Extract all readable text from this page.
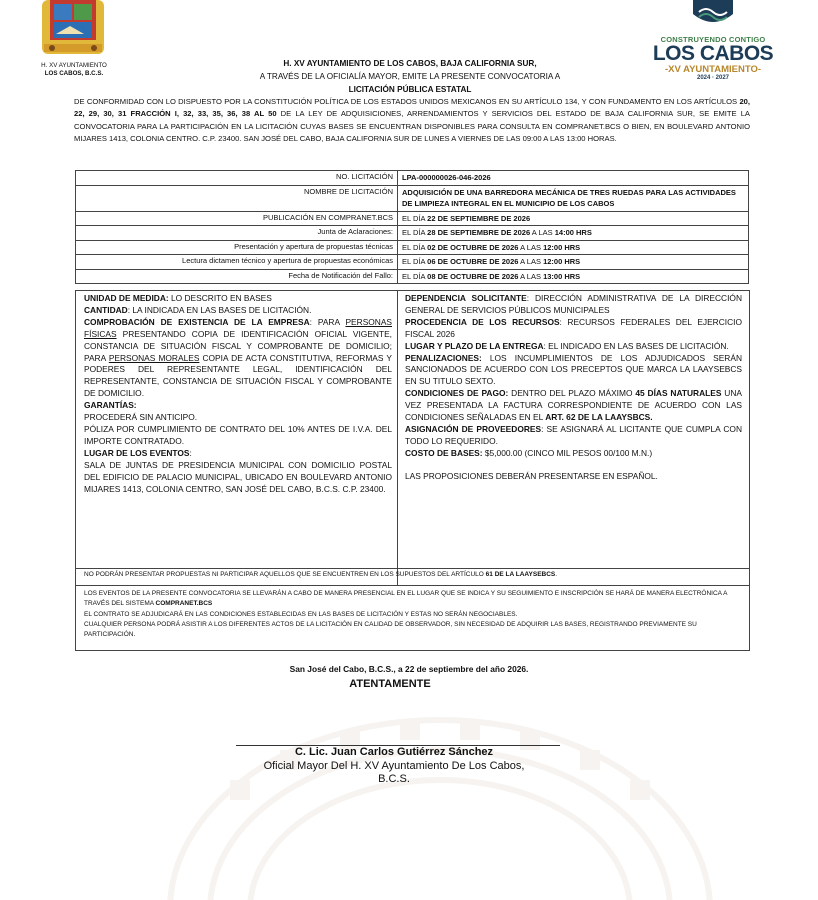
H. XV AYUNTAMIENTO
LOS CABOS, B.C.S.
CONSTRUYENDO CONTIGO
LOS CABOS
-XV AYUNTAMIENTO-
2024 · 2027
H. XV AYUNTAMIENTO DE LOS CABOS, BAJA CALIFORNIA SUR,
A TRAVÉS DE LA OFICIALÍA MAYOR, EMITE LA PRESENTE CONVOCATORIA A
LICITACIÓN PÚBLICA ESTATAL
DE CONFORMIDAD CON LO DISPUESTO POR LA CONSTITUCIÓN POLÍTICA DE LOS ESTADOS UNIDOS MEXICANOS EN SU ARTÍCULO 134, Y CON FUNDAMENTO EN LOS ARTÍCULOS 20, 22, 29, 30, 31 FRACCIÓN I, 32, 33, 35, 36, 38 AL 50 DE LA LEY DE ADQUISICIONES, ARRENDAMIENTOS Y SERVICIOS DEL ESTADO DE BAJA CALIFORNIA SUR, SE EMITE LA CONVOCATORIA PARA LA PARTICIPACIÓN EN LA LICITACIÓN CUYAS BASES SE ENCUENTRAN DISPONIBLES PARA CONSULTA EN COMPRANET.BCS O BIEN, EN BOULEVARD ANTONIO MIJARES 1413, COLONIA CENTRO. C.P. 23400. SAN JOSÉ DEL CABO, BAJA CALIFORNIA SUR DE LUNES A VIERNES DE LAS 09:00 A LAS 13:00 HORAS.
NO. LICITACIÓN	LPA-000000026-046-2026
NOMBRE DE LICITACIÓN	ADQUISICIÓN DE UNA BARREDORA MECÁNICA DE TRES RUEDAS PARA LAS ACTIVIDADES DE LIMPIEZA INTEGRAL EN EL MUNICIPIO DE LOS CABOS
PUBLICACIÓN EN COMPRANET.BCS	EL DÍA 22 DE SEPTIEMBRE DE 2026
Junta de Aclaraciones:	EL DÍA 28 DE SEPTIEMBRE DE 2026 A LAS 14:00 HRS
Presentación y apertura de propuestas técnicas	EL DÍA 02 DE OCTUBRE DE 2026 A LAS 12:00 HRS
Lectura dictamen técnico y apertura de propuestas económicas	EL DÍA 06 DE OCTUBRE DE 2026 A LAS 12:00 HRS
Fecha de Notificación del Fallo:	EL DÍA 08 DE OCTUBRE DE 2026 A LAS 13:00 HRS
UNIDAD DE MEDIDA: LO DESCRITO EN BASES
CANTIDAD: LA INDICADA EN LAS BASES DE LICITACIÓN.
COMPROBACIÓN DE EXISTENCIA DE LA EMPRESA: PARA PERSONAS FÍSICAS PRESENTANDO COPIA DE IDENTIFICACIÓN OFICIAL VIGENTE, CONSTANCIA DE SITUACIÓN FISCAL Y COMPROBANTE DE DOMICILIO; PARA PERSONAS MORALES COPIA DE ACTA CONSTITUTIVA, REFORMAS Y PODERES DEL REPRESENTANTE LEGAL, IDENTIFICACIÓN DEL REPRESENTANTE, CONSTANCIA DE SITUACIÓN FISCAL Y COMPROBANTE DE DOMICILIO.
GARANTÍAS:
PROCEDERÁ SIN ANTICIPO.
PÓLIZA POR CUMPLIMIENTO DE CONTRATO DEL 10% ANTES DE I.V.A. DEL IMPORTE CONTRATADO.
LUGAR DE LOS EVENTOS:
SALA DE JUNTAS DE PRESIDENCIA MUNICIPAL CON DOMICILIO POSTAL DEL EDIFICIO DE PALACIO MUNICIPAL, UBICADO EN BOULEVARD ANTONIO MIJARES 1413, COLONIA CENTRO, SAN JOSÉ DEL CABO, B.C.S. C.P. 23400.
DEPENDENCIA SOLICITANTE: DIRECCIÓN ADMINISTRATIVA DE LA DIRECCIÓN GENERAL DE SERVICIOS PÚBLICOS MUNICIPALES
PROCEDENCIA DE LOS RECURSOS: RECURSOS FEDERALES DEL EJERCICIO FISCAL 2026
LUGAR Y PLAZO DE LA ENTREGA: EL INDICADO EN LAS BASES DE LICITACIÓN.
PENALIZACIONES: LOS INCUMPLIMIENTOS DE LOS ADJUDICADOS SERÁN SANCIONADOS DE ACUERDO CON LOS PRECEPTOS QUE MARCA LA LAAYSEBCS EN SU TITULO SEXTO.
CONDICIONES DE PAGO: DENTRO DEL PLAZO MÁXIMO 45 DÍAS NATURALES UNA VEZ PRESENTADA LA FACTURA CORRESPONDIENTE DE ACUERDO CON LAS CONDICIONES SEÑALADAS EN EL ART. 62 DE LA LAAYSBCS.
ASIGNACIÓN DE PROVEEDORES: SE ASIGNARÁ AL LICITANTE QUE CUMPLA CON TODO LO REQUERIDO.
COSTO DE BASES: $5,000.00 (CINCO MIL PESOS 00/100 M.N.)
LAS PROPOSICIONES DEBERÁN PRESENTARSE EN ESPAÑOL.
NO PODRÁN PRESENTAR PROPUESTAS NI PARTICIPAR AQUELLOS QUE SE ENCUENTREN EN LOS SUPUESTOS DEL ARTÍCULO 61 DE LA LAAYSEBCS.
LOS EVENTOS DE LA PRESENTE CONVOCATORIA SE LLEVARÁN A CABO DE MANERA PRESENCIAL EN EL LUGAR QUE SE INDICA Y SU SEGUIMIENTO E INSCRIPCIÓN SE HARÁ DE MANERA ELECTRÓNICA A TRAVÉS DEL SISTEMA COMPRANET.BCS
EL CONTRATO SE ADJUDICARÁ EN LAS CONDICIONES ESTABLECIDAS EN LAS BASES DE LICITACIÓN Y ESTAS NO SERÁN NEGOCIABLES.
CUALQUIER PERSONA PODRÁ ASISTIR A LOS DIFERENTES ACTOS DE LA LICITACIÓN EN CALIDAD DE OBSERVADOR, SIN NECESIDAD DE ADQUIRIR LAS BASES, REGISTRANDO PREVIAMENTE SU PARTICIPACIÓN.
San José del Cabo, B.C.S., a 22 de septiembre del año 2026.
ATENTAMENTE
C. Lic. Juan Carlos Gutiérrez Sánchez
Oficial Mayor Del H. XV Ayuntamiento De Los Cabos,
B.C.S.
